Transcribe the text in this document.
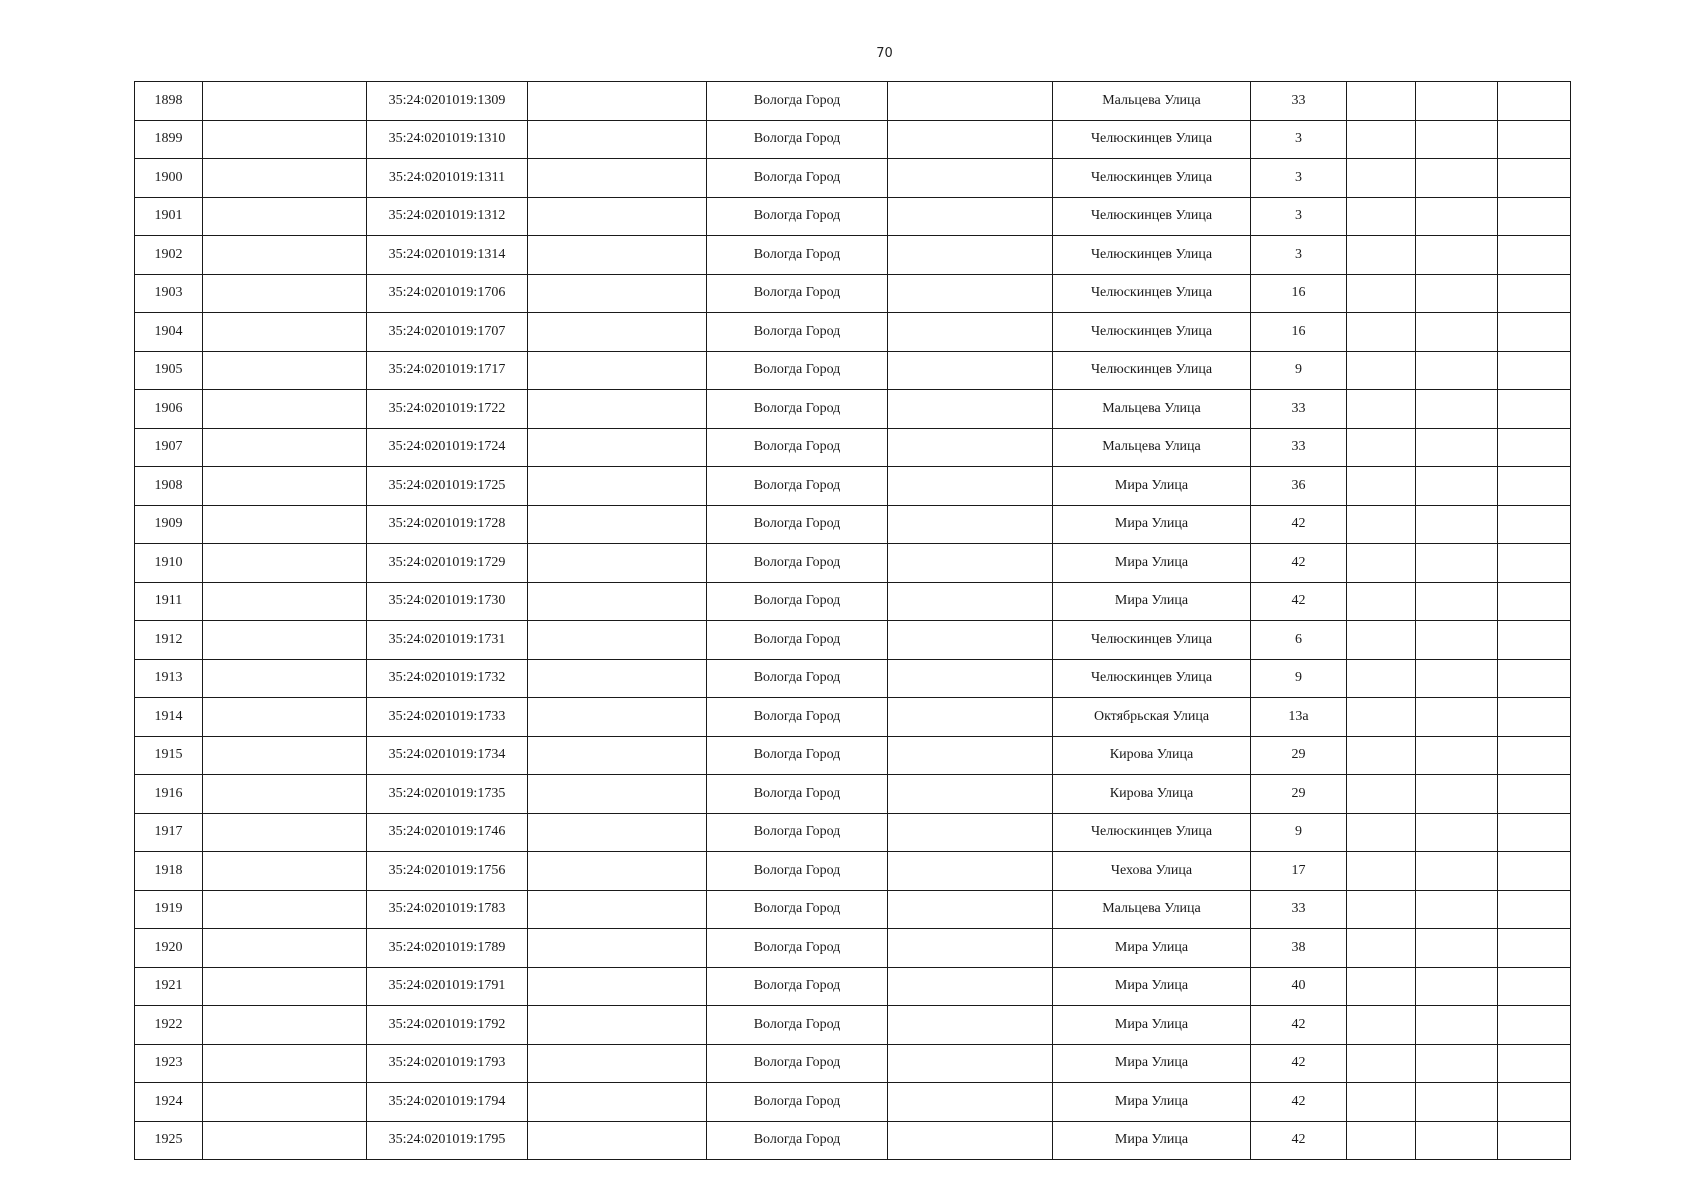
70
1898		35:24:0201019:1309		Вологда Город		Мальцева Улица	33			
1899		35:24:0201019:1310		Вологда Город		Челюскинцев Улица	3			
1900		35:24:0201019:1311		Вологда Город		Челюскинцев Улица	3			
1901		35:24:0201019:1312		Вологда Город		Челюскинцев Улица	3			
1902		35:24:0201019:1314		Вологда Город		Челюскинцев Улица	3			
1903		35:24:0201019:1706		Вологда Город		Челюскинцев Улица	16			
1904		35:24:0201019:1707		Вологда Город		Челюскинцев Улица	16			
1905		35:24:0201019:1717		Вологда Город		Челюскинцев Улица	9			
1906		35:24:0201019:1722		Вологда Город		Мальцева Улица	33			
1907		35:24:0201019:1724		Вологда Город		Мальцева Улица	33			
1908		35:24:0201019:1725		Вологда Город		Мира Улица	36			
1909		35:24:0201019:1728		Вологда Город		Мира Улица	42			
1910		35:24:0201019:1729		Вологда Город		Мира Улица	42			
1911		35:24:0201019:1730		Вологда Город		Мира Улица	42			
1912		35:24:0201019:1731		Вологда Город		Челюскинцев Улица	6			
1913		35:24:0201019:1732		Вологда Город		Челюскинцев Улица	9			
1914		35:24:0201019:1733		Вологда Город		Октябрьская Улица	13а			
1915		35:24:0201019:1734		Вологда Город		Кирова Улица	29			
1916		35:24:0201019:1735		Вологда Город		Кирова Улица	29			
1917		35:24:0201019:1746		Вологда Город		Челюскинцев Улица	9			
1918		35:24:0201019:1756		Вологда Город		Чехова Улица	17			
1919		35:24:0201019:1783		Вологда Город		Мальцева Улица	33			
1920		35:24:0201019:1789		Вологда Город		Мира Улица	38			
1921		35:24:0201019:1791		Вологда Город		Мира Улица	40			
1922		35:24:0201019:1792		Вологда Город		Мира Улица	42			
1923		35:24:0201019:1793		Вологда Город		Мира Улица	42			
1924		35:24:0201019:1794		Вологда Город		Мира Улица	42			
1925		35:24:0201019:1795		Вологда Город		Мира Улица	42			
